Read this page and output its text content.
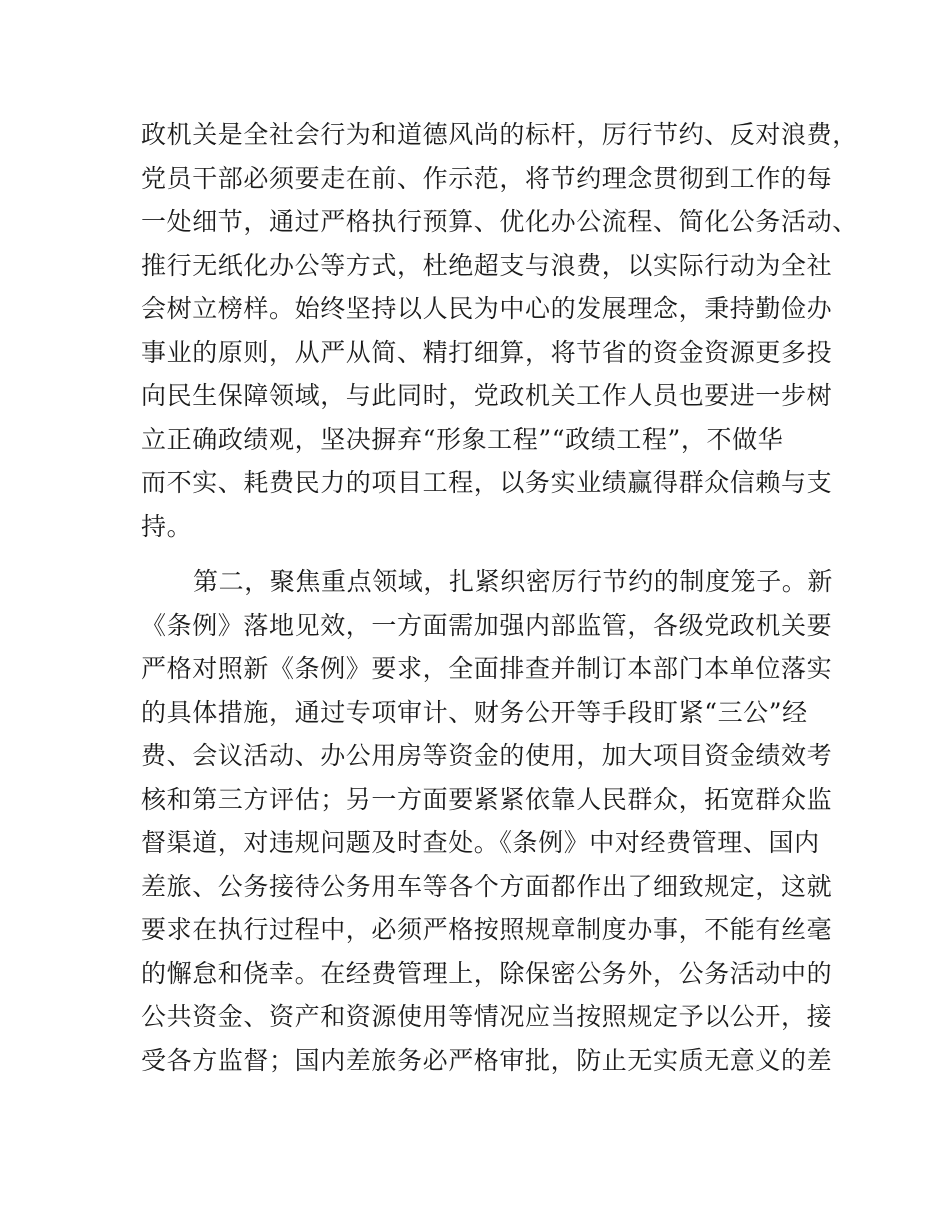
政机关是全社会行为和道德风尚的标杆，厉行节约、反对浪费，
党员干部必须要走在前、作示范，将节约理念贯彻到工作的每
一处细节，通过严格执行预算、优化办公流程、简化公务活动、
推行无纸化办公等方式，杜绝超支与浪费，以实际行动为全社
会树立榜样。始终坚持以人民为中心的发展理念，秉持勤俭办
事业的原则，从严从简、精打细算，将节省的资金资源更多投
向民生保障领域，与此同时，党政机关工作人员也要进一步树
立正确政绩观，坚决摒弃“形象工程”“政绩工程”，不做华
而不实、耗费民力的项目工程，以务实业绩赢得群众信赖与支
持。
第二，聚焦重点领域，扎紧织密厉行节约的制度笼子。新
《条例》落地见效，一方面需加强内部监管，各级党政机关要
严格对照新《条例》要求，全面排查并制订本部门本单位落实
的具体措施，通过专项审计、财务公开等手段盯紧“三公”经
费、会议活动、办公用房等资金的使用，加大项目资金绩效考
核和第三方评估；另一方面要紧紧依靠人民群众，拓宽群众监
督渠道，对违规问题及时查处。《条例》中对经费管理、国内
差旅、公务接待公务用车等各个方面都作出了细致规定，这就
要求在执行过程中，必须严格按照规章制度办事，不能有丝毫
的懈怠和侥幸。在经费管理上，除保密公务外，公务活动中的
公共资金、资产和资源使用等情况应当按照规定予以公开，接
受各方监督；国内差旅务必严格审批，防止无实质无意义的差
